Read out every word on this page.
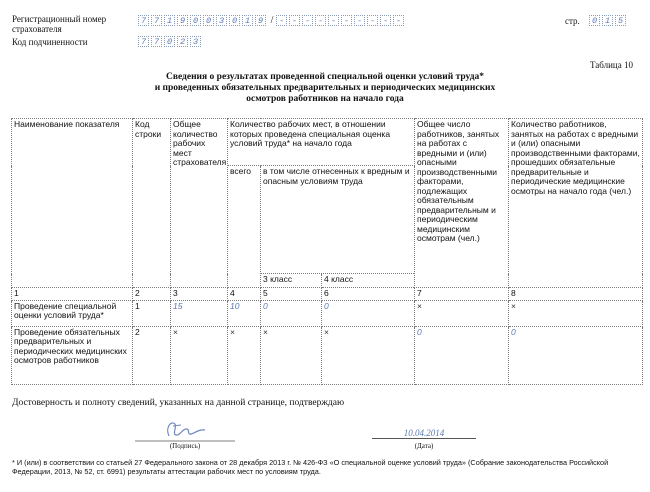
Регистрационный номер страхователя
7 7 1 9 0 0 3 0 1 9 / - - - - - - - - - -	стр.	0 1 5
Код подчиненности	7 7 0 2 3
Таблица 10
Сведения о результатах проведенной специальной оценки условий труда*
и проведенных обязательных предварительных и периодических медицинских
осмотров работников на начало года
Наименование показателя	Код строки	Общее количество рабочих мест страхователя	Количество рабочих мест, в отношении которых проведена специальная оценка условий труда* на начало года			Общее число работников, занятых на работах с вредными и (или) опасными производственными факторами, подлежащих обязательным предварительным и периодическим медицинским осмотрам (чел.)	Количество работников, занятых на работах с вредными и (или) опасными производственными факторами, прошедших обязательные предварительные и периодические медицинские осмотры на начало года (чел.)
			всего	в том числе отнесенных к вредным и опасным условиям труда			
				3 класс	4 класс		
1	2	3	4	5	6	7	8
Проведение специальной оценки условий труда*	1	15	10	0	0	×	×
Проведение обязательных предварительных и периодических медицинских осмотров работников	2	×	×	×	×	0	0
Достоверность и полноту сведений, указанных на данной странице, подтверждаю
(Подпись)
10.04.2014
(Дата)
* И (или) в соответствии со статьей 27 Федерального закона от 28 декабря 2013 г. № 426-ФЗ «О специальной оценке условий труда» (Собрание законодательства Российской Федерации, 2013, № 52, ст. 6991) результаты аттестации рабочих мест по условиям труда.
